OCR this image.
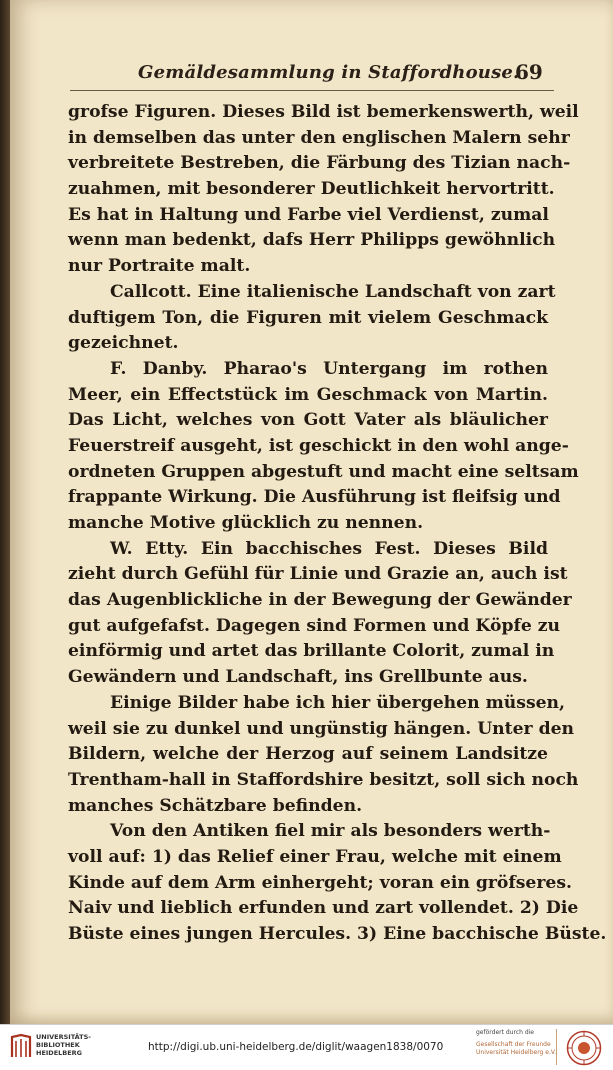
Gemäldesammlung in Staffordhouse.
69
grofse Figuren. Dieses Bild ist bemerkenswerth, weil
in demselben das unter den englischen Malern sehr
verbreitete Bestreben, die Färbung des Tizian nach-
zuahmen, mit besonderer Deutlichkeit hervortritt.
Es hat in Haltung und Farbe viel Verdienst, zumal
wenn man bedenkt, dafs Herr Philipps gewöhnlich
nur Portraite malt.
Callcott. Eine italienische Landschaft von zart
duftigem Ton, die Figuren mit vielem Geschmack
gezeichnet.
F. Danby. Pharao's Untergang im rothen
Meer, ein Effectstück im Geschmack von Martin.
Das Licht, welches von Gott Vater als bläulicher
Feuerstreif ausgeht, ist geschickt in den wohl ange-
ordneten Gruppen abgestuft und macht eine seltsam
frappante Wirkung. Die Ausführung ist fleifsig und
manche Motive glücklich zu nennen.
W. Etty. Ein bacchisches Fest. Dieses Bild
zieht durch Gefühl für Linie und Grazie an, auch ist
das Augenblickliche in der Bewegung der Gewänder
gut aufgefafst. Dagegen sind Formen und Köpfe zu
einförmig und artet das brillante Colorit, zumal in
Gewändern und Landschaft, ins Grellbunte aus.
Einige Bilder habe ich hier übergehen müssen,
weil sie zu dunkel und ungünstig hängen. Unter den
Bildern, welche der Herzog auf seinem Landsitze
Trentham-hall in Staffordshire besitzt, soll sich noch
manches Schätzbare befinden.
Von den Antiken fiel mir als besonders werth-
voll auf: 1) das Relief einer Frau, welche mit einem
Kinde auf dem Arm einhergeht; voran ein gröfseres.
Naiv und lieblich erfunden und zart vollendet. 2) Die
Büste eines jungen Hercules. 3) Eine bacchische Büste.
UNIVERSITÄTS-
BIBLIOTHEK
HEIDELBERG	http://digi.ub.uni-heidelberg.de/diglit/waagen1838/0070
gefördert durch die
Gesellschaft der Freunde
Universität Heidelberg e.V.
